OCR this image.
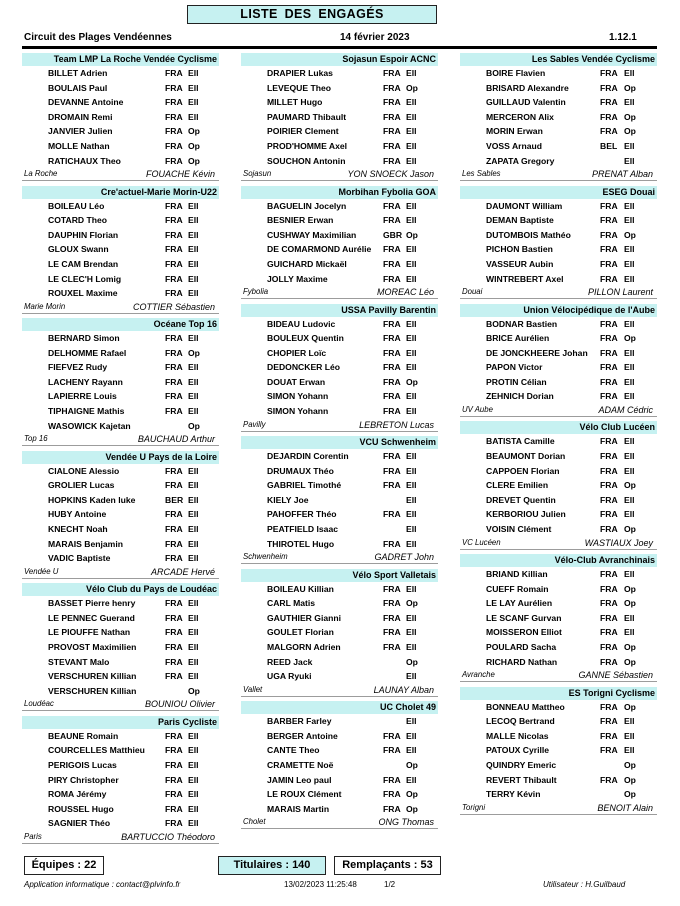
LISTE DES ENGAGÉS
Circuit des Plages Vendéennes	14 février 2023	1.12.1
Team LMP La Roche Vendée Cyclisme
BILLET Adrien	FRA Ell
BOULAIS Paul	FRA Ell
DEVANNE Antoine	FRA Ell
DROMAIN Remi	FRA Ell
JANVIER Julien	FRA Op
MOLLE Nathan	FRA Op
RATICHAUX Theo	FRA Op
La Roche	FOUACHE Kévin
Cre'actuel-Marie Morin-U22
BOILEAU Léo	FRA Ell
COTARD Theo	FRA Ell
DAUPHIN Florian	FRA Ell
GLOUX Swann	FRA Ell
LE CAM Brendan	FRA Ell
LE CLEC'H Lomig	FRA Ell
ROUXEL Maxime	FRA Ell
Marie Morin	COTTIER Sébastien
Océane Top 16
BERNARD Simon	FRA Ell
DELHOMME Rafael	FRA Op
FIEFVEZ Rudy	FRA Ell
LACHENY Rayann	FRA Ell
LAPIERRE Louis	FRA Ell
TIPHAIGNE Mathis	FRA Ell
WASOWICK Kajetan	Op
Top 16	BAUCHAUD Arthur
Vendée U Pays de la Loire
CIALONE Alessio	FRA Ell
GROLIER Lucas	FRA Ell
HOPKINS Kaden luke	BER Ell
HUBY Antoine	FRA Ell
KNECHT Noah	FRA Ell
MARAIS Benjamin	FRA Ell
VADIC Baptiste	FRA Ell
Vendée U	ARCADE Hervé
Vélo Club du Pays de Loudéac
BASSET Pierre henry	FRA Ell
LE PENNEC Guerand	FRA Ell
LE PIOUFFE Nathan	FRA Ell
PROVOST Maximilien	FRA Ell
STEVANT Malo	FRA Ell
VERSCHUREN Killian	FRA Ell
VERSCHUREN Killian	Op
Loudéac	BOUNIOU Olivier
Paris Cycliste
BEAUNE Romain	FRA Ell
COURCELLES Matthieu	FRA Ell
PERIGOIS Lucas	FRA Ell
PIRY Christopher	FRA Ell
ROMA Jérémy	FRA Ell
ROUSSEL Hugo	FRA Ell
SAGNIER Théo	FRA Ell
Paris	BARTUCCIO Théodoro
Sojasun Espoir ACNC
DRAPIER Lukas	FRA Ell
LEVEQUE Theo	FRA Op
MILLET Hugo	FRA Ell
PAUMARD Thibault	FRA Ell
POIRIER Clement	FRA Ell
PROD'HOMME Axel	FRA Ell
SOUCHON Antonin	FRA Ell
Sojasun	YON SNOECK Jason
Morbihan Fybolia GOA
BAGUELIN Jocelyn	FRA Ell
BESNIER Erwan	FRA Ell
CUSHWAY Maximilian	GBR Op
DE COMARMOND Aurélie	FRA Ell
GUICHARD Mickaël	FRA Ell
JOLLY Maxime	FRA Ell
Fybolia	MOREAC Léo
USSA Pavilly Barentin
BIDEAU Ludovic	FRA Ell
BOULEUX Quentin	FRA Ell
CHOPIER Loïc	FRA Ell
DEDONCKER Léo	FRA Ell
DOUAT Erwan	FRA Op
SIMON Yohann	FRA Ell
SIMON Yohann	FRA Ell
Pavilly	LEBRETON Lucas
VCU Schwenheim
DEJARDIN Corentin	FRA Ell
DRUMAUX Théo	FRA Ell
GABRIEL Timothé	FRA Ell
KIELY Joe	Ell
PAHOFFER Théo	FRA Ell
PEATFIELD Isaac	Ell
THIROTEL Hugo	FRA Ell
Schwenheim	GADRET John
Vélo Sport Valletais
BOILEAU Killian	FRA Ell
CARL Matis	FRA Op
GAUTHIER Gianni	FRA Ell
GOULET Florian	FRA Ell
MALGORN Adrien	FRA Ell
REED Jack	Op
UGA Ryuki	Ell
Vallet	LAUNAY Alban
UC Cholet 49
BARBER Farley	Ell
BERGER Antoine	FRA Ell
CANTE Theo	FRA Ell
CRAMETTE Noë	Op
JAMIN Leo paul	FRA Ell
LE ROUX Clément	FRA Op
MARAIS Martin	FRA Op
Cholet	ONG Thomas
Les Sables Vendée Cyclisme
BOIRE Flavien	FRA Ell
BRISARD Alexandre	FRA Op
GUILLAUD Valentin	FRA Ell
MERCERON Alix	FRA Op
MORIN Erwan	FRA Op
VOSS Arnaud	BEL Ell
ZAPATA Gregory	Ell
Les Sables	PRENAT Alban
ESEG Douai
DAUMONT William	FRA Ell
DEMAN Baptiste	FRA Ell
DUTOMBOIS Mathéo	FRA Op
PICHON Bastien	FRA Ell
VASSEUR Aubin	FRA Ell
WINTREBERT Axel	FRA Ell
Douai	PILLON Laurent
Union Vélocipédique de l'Aube
BODNAR Bastien	FRA Ell
BRICE Aurélien	FRA Op
DE JONCKHEERE Johan	FRA Ell
PAPON Victor	FRA Ell
PROTIN Célian	FRA Ell
ZEHNICH Dorian	FRA Ell
UV Aube	ADAM Cédric
Vélo Club Lucéen
BATISTA Camille	FRA Ell
BEAUMONT Dorian	FRA Ell
CAPPOEN Florian	FRA Ell
CLERE Emilien	FRA Op
DREVET Quentin	FRA Ell
KERBORIOU Julien	FRA Ell
VOISIN Clément	FRA Op
VC Lucéen	WASTIAUX Joey
Vélo-Club Avranchinais
BRIAND Killian	FRA Ell
CUEFF Romain	FRA Op
LE LAY Aurélien	FRA Op
LE SCANF Gurvan	FRA Ell
MOISSERON Elliot	FRA Ell
POULARD Sacha	FRA Op
RICHARD Nathan	FRA Op
Avranche	GANNE Sébastien
ES Torigni Cyclisme
BONNEAU Mattheo	FRA Op
LECOQ Bertrand	FRA Ell
MALLE Nicolas	FRA Ell
PATOUX Cyrille	FRA Ell
QUINDRY Emeric	Op
REVERT Thibault	FRA Op
TERRY Kévin	Op
Torigni	BENOIT Alain
Équipes : 22	Titulaires : 140	Remplaçants : 53
Application informatique : contact@plvinfo.fr	13/02/2023 11:25:48	1/2	Utilisateur : H.Guilbaud
